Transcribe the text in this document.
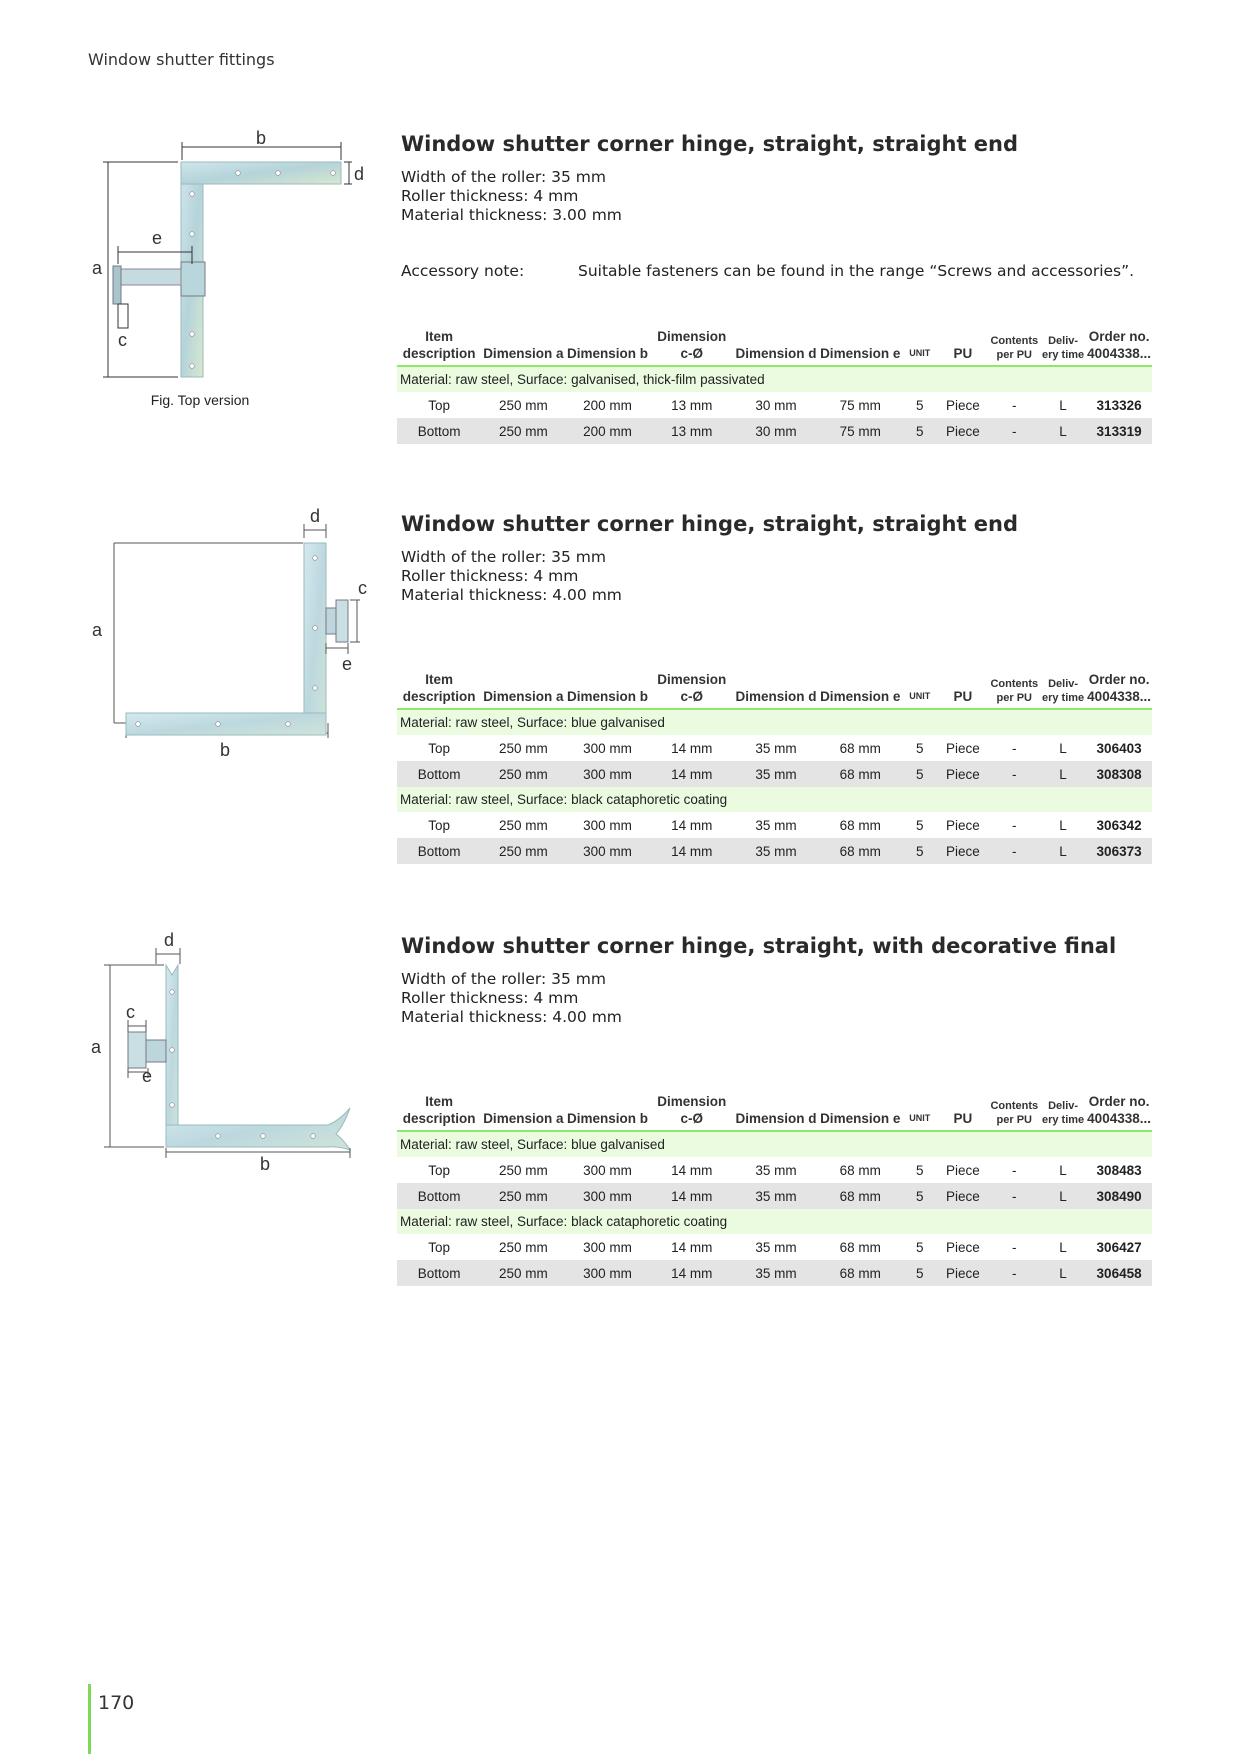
Window shutter fittings
b
d
a
e
c
Fig. Top version
Window shutter corner hinge, straight, straight end
Width of the roller: 35 mm
Roller thickness: 4 mm
Material thickness: 3.00 mm
Accessory note:	Suitable fasteners can be found in the range “Screws and accessories”.
Item description	Dimension a	Dimension b	Dimension c-Ø	Dimension d	Dimension e	UNIT	PU	Contents per PU	Deliv- ery time	Order no. 4004338...
Material: raw steel, Surface: galvanised, thick-film passivated										
Top	250 mm	200 mm	13 mm	30 mm	75 mm	5	Piece	-	L	313326
Bottom	250 mm	200 mm	13 mm	30 mm	75 mm	5	Piece	-	L	313319
d
c
e
a
b
Window shutter corner hinge, straight, straight end
Width of the roller: 35 mm
Roller thickness: 4 mm
Material thickness: 4.00 mm
Item description	Dimension a	Dimension b	Dimension c-Ø	Dimension d	Dimension e	UNIT	PU	Contents per PU	Deliv- ery time	Order no. 4004338...
Material: raw steel, Surface: blue galvanised										
Top	250 mm	300 mm	14 mm	35 mm	68 mm	5	Piece	-	L	306403
Bottom	250 mm	300 mm	14 mm	35 mm	68 mm	5	Piece	-	L	308308
Material: raw steel, Surface: black cataphoretic coating										
Top	250 mm	300 mm	14 mm	35 mm	68 mm	5	Piece	-	L	306342
Bottom	250 mm	300 mm	14 mm	35 mm	68 mm	5	Piece	-	L	306373
d
c
a
e
b
Window shutter corner hinge, straight, with decorative final
Width of the roller: 35 mm
Roller thickness: 4 mm
Material thickness: 4.00 mm
Item description	Dimension a	Dimension b	Dimension c-Ø	Dimension d	Dimension e	UNIT	PU	Contents per PU	Deliv- ery time	Order no. 4004338...
Material: raw steel, Surface: blue galvanised										
Top	250 mm	300 mm	14 mm	35 mm	68 mm	5	Piece	-	L	308483
Bottom	250 mm	300 mm	14 mm	35 mm	68 mm	5	Piece	-	L	308490
Material: raw steel, Surface: black cataphoretic coating										
Top	250 mm	300 mm	14 mm	35 mm	68 mm	5	Piece	-	L	306427
Bottom	250 mm	300 mm	14 mm	35 mm	68 mm	5	Piece	-	L	306458
170
